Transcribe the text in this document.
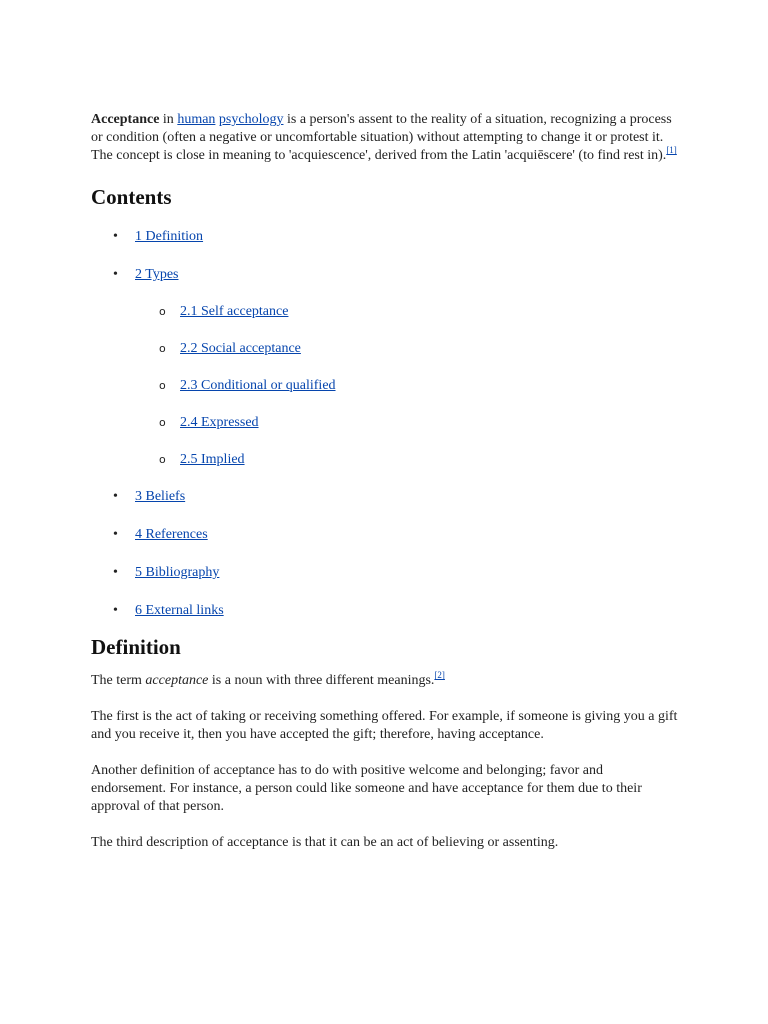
Acceptance in human psychology is a person's assent to the reality of a situation, recognizing a process or condition (often a negative or uncomfortable situation) without attempting to change it or protest it. The concept is close in meaning to 'acquiescence', derived from the Latin 'acquiēscere' (to find rest in).[1]

Contents
• 1 Definition
• 2 Types
o 2.1 Self acceptance
o 2.2 Social acceptance
o 2.3 Conditional or qualified
o 2.4 Expressed
o 2.5 Implied
• 3 Beliefs
• 4 References
• 5 Bibliography
• 6 External links
Definition

The term acceptance is a noun with three different meanings.[2]

The first is the act of taking or receiving something offered. For example, if someone is giving you a gift and you receive it, then you have accepted the gift; therefore, having acceptance.

Another definition of acceptance has to do with positive welcome and belonging; favor and endorsement. For instance, a person could like someone and have acceptance for them due to their approval of that person.

The third description of acceptance is that it can be an act of believing or assenting.
